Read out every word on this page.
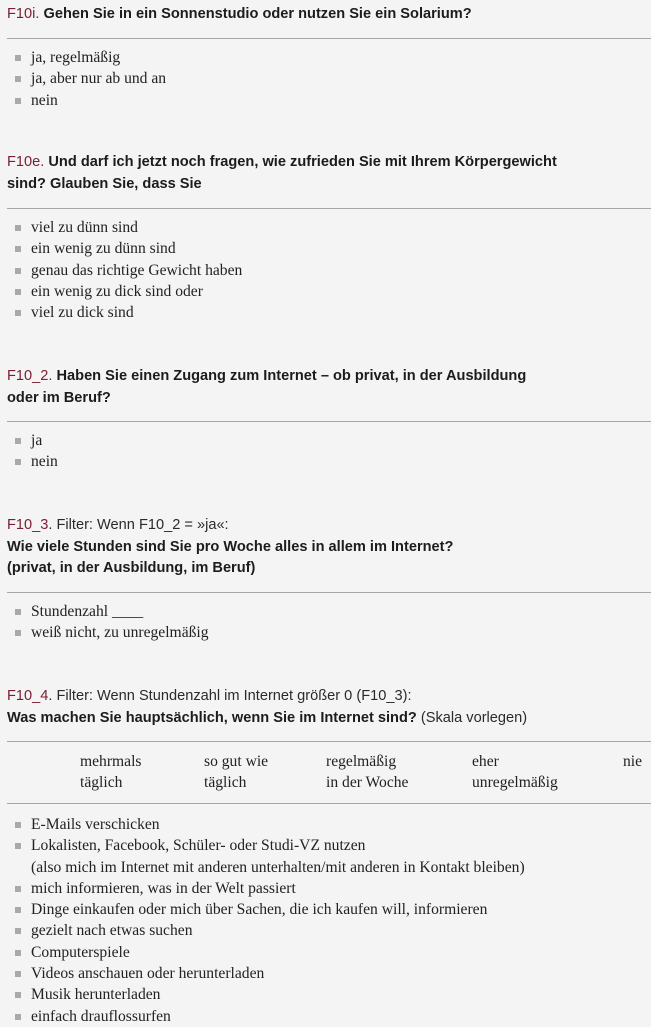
F10i. Gehen Sie in ein Sonnenstudio oder nutzen Sie ein Solarium?
ja, regelmäßig
ja, aber nur ab und an
nein
F10e. Und darf ich jetzt noch fragen, wie zufrieden Sie mit Ihrem Körpergewicht
sind? Glauben Sie, dass Sie
viel zu dünn sind
ein wenig zu dünn sind
genau das richtige Gewicht haben
ein wenig zu dick sind oder
viel zu dick sind
F10_2. Haben Sie einen Zugang zum Internet – ob privat, in der Ausbildung
oder im Beruf?
ja
nein
F10_3. Filter: Wenn F10_2 = »ja«:
Wie viele Stunden sind Sie pro Woche alles in allem im Internet?
(privat, in der Ausbildung, im Beruf)
Stundenzahl ____
weiß nicht, zu unregelmäßig
F10_4. Filter: Wenn Stundenzahl im Internet größer 0 (F10_3):
Was machen Sie hauptsächlich, wenn Sie im Internet sind? (Skala vorlegen)
mehrmals
täglich
so gut wie
täglich
regelmäßig
in der Woche
eher
unregelmäßig
nie
E-Mails verschicken
Lokalisten, Facebook, Schüler- oder Studi-VZ nutzen
(also mich im Internet mit anderen unterhalten/mit anderen in Kontakt bleiben)
mich informieren, was in der Welt passiert
Dinge einkaufen oder mich über Sachen, die ich kaufen will, informieren
gezielt nach etwas suchen
Computerspiele
Videos anschauen oder herunterladen
Musik herunterladen
einfach drauflossurfen
